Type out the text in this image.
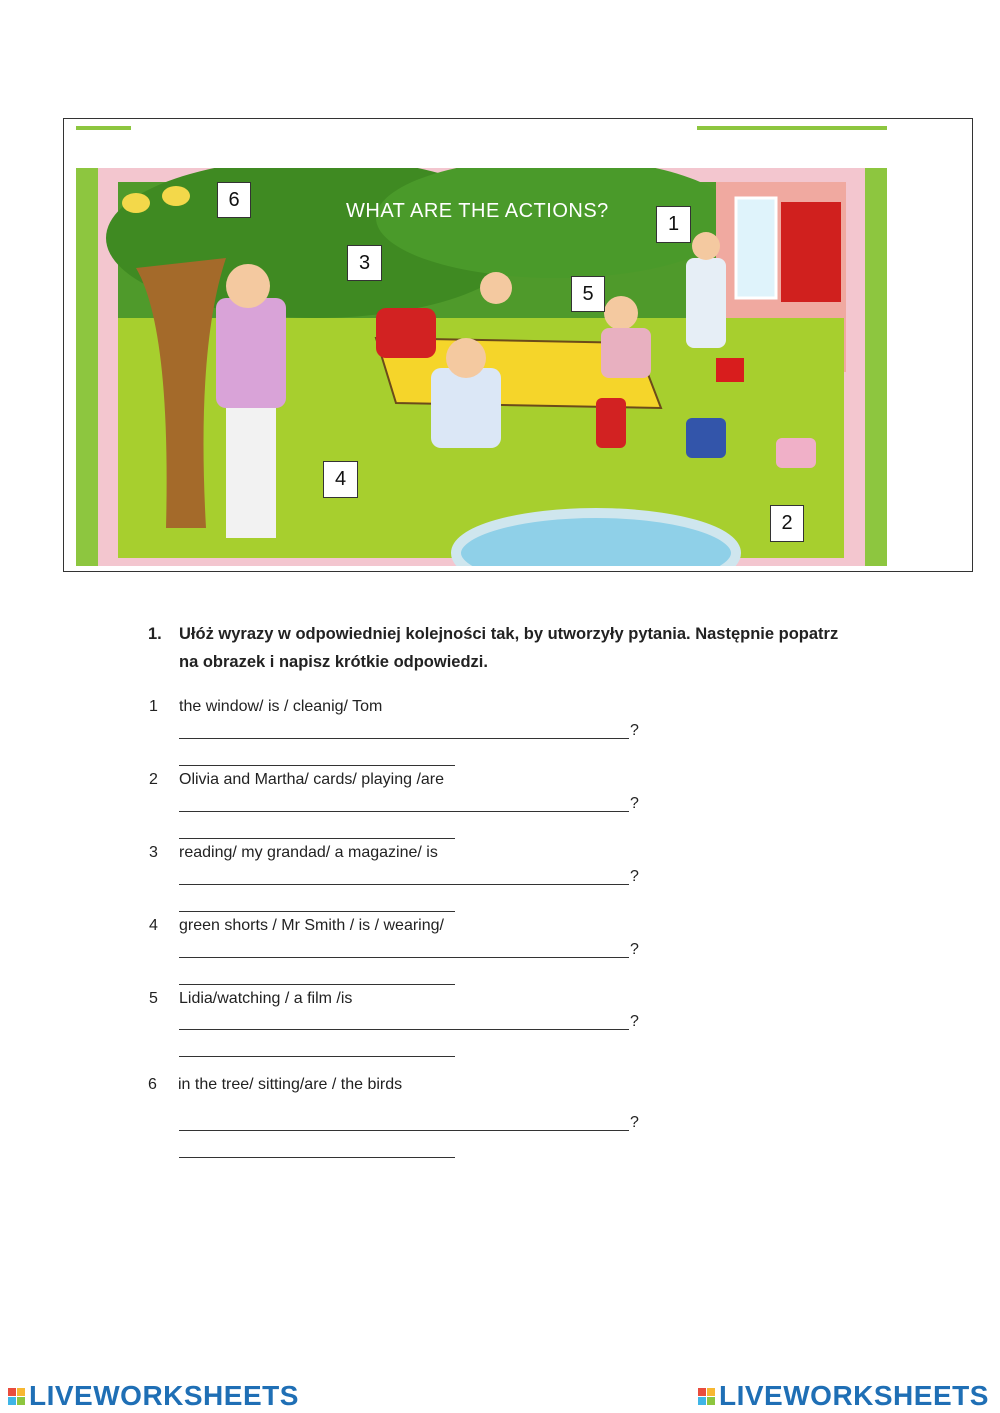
WHAT ARE THE ACTIONS?
6
1
3
5
4
2
1. Ułóż wyrazy w odpowiedniej kolejności tak, by utworzyły pytania. Następnie popatrz na obrazek i napisz krótkie odpowiedzi.
1 the window/ is / cleanig/ Tom
?
2 Olivia and Martha/ cards/ playing /are
?
3 reading/ my grandad/ a magazine/ is
?
4 green shorts / Mr Smith / is / wearing/
?
5 Lidia/watching / a film /is
?
6 in the tree/ sitting/are / the birds
?
LIVEWORKSHEETS	LIVEWORKSHEETS
